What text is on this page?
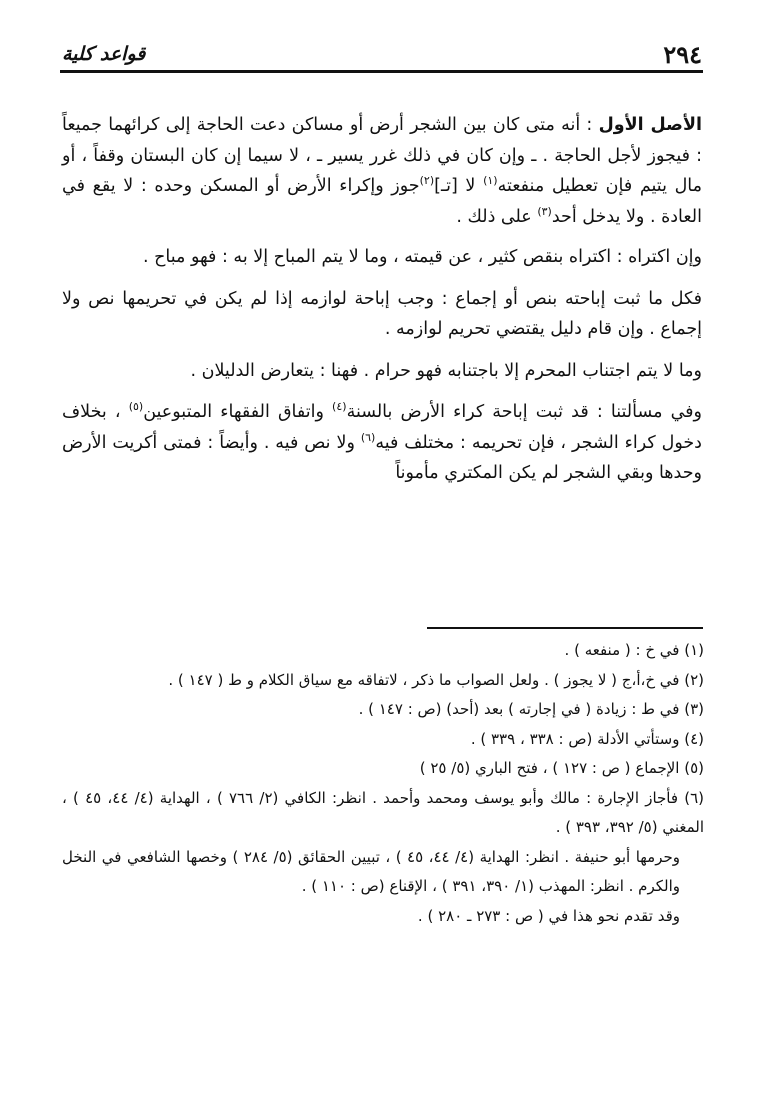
٢٩٤
قواعد كلية

الأصل الأول : أنه متى كان بين الشجر أرض أو مساكن دعت الحاجة إلى كرائهما جميعاً : فيجوز لأجل الحاجة . ـ وإن كان في ذلك غرر يسير ـ ، لا سيما إن كان البستان وقفاً ، أو مال يتيم فإن تعطيل منفعته$^{(١)}$ لا [تـ]$^{(٢)}$جوز وإكراء الأرض أو المسكن وحده : لا يقع في العادة . ولا يدخل أحد$^{(٣)}$ على ذلك .

وإن اكتراه : اكتراه بنقص كثير ، عن قيمته ، وما لا يتم المباح إلا به : فهو مباح .

فكل ما ثبت إباحته بنص أو إجماع : وجب إباحة لوازمه إذا لم يكن في تحريمها نص ولا إجماع . وإن قام دليل يقتضي تحريم لوازمه .

وما لا يتم اجتناب المحرم إلا باجتنابه فهو حرام . فهنا : يتعارض الدليلان .

وفي مسألتنا : قد ثبت إباحة كراء الأرض بالسنة$^{(٤)}$ واتفاق الفقهاء المتبوعين$^{(٥)}$ ، بخلاف دخول كراء الشجر ، فإن تحريمه : مختلف فيه$^{(٦)}$ ولا نص فيه . وأيضاً : فمتى أكريت الأرض وحدها وبقي الشجر لم يكن المكتري مأموناً

(١) في خ : ( منفعه ) .

(٢) في خ،أ،ج ( لا يجوز ) . ولعل الصواب ما ذكر ، لاتفاقه مع سياق الكلام و ط ( ١٤٧ ) .

(٣) في ط : زيادة ( في إجارته ) بعد (أحد) (ص : ١٤٧ ) .

(٤) وستأتي الأدلة (ص : ٣٣٨ ، ٣٣٩ ) .

(٥) الإجماع ( ص : ١٢٧ ) ، فتح الباري (٥/ ٢٥ )

(٦) فأجاز الإجارة : مالك وأبو يوسف ومحمد وأحمد . انظر: الكافي (٢/ ٧٦٦ ) ، الهداية (٤/ ٤٤، ٤٥ ) ، المغني (٥/ ٣٩٢، ٣٩٣ ) .

وحرمها أبو حنيفة . انظر: الهداية (٤/ ٤٤، ٤٥ ) ، تبيين الحقائق (٥/ ٢٨٤ ) وخصها الشافعي في النخل والكرم . انظر: المهذب (١/ ٣٩٠، ٣٩١ ) ، الإقناع (ص : ١١٠ ) .

وقد تقدم نحو هذا في ( ص : ٢٧٣ ـ ٢٨٠ ) .
